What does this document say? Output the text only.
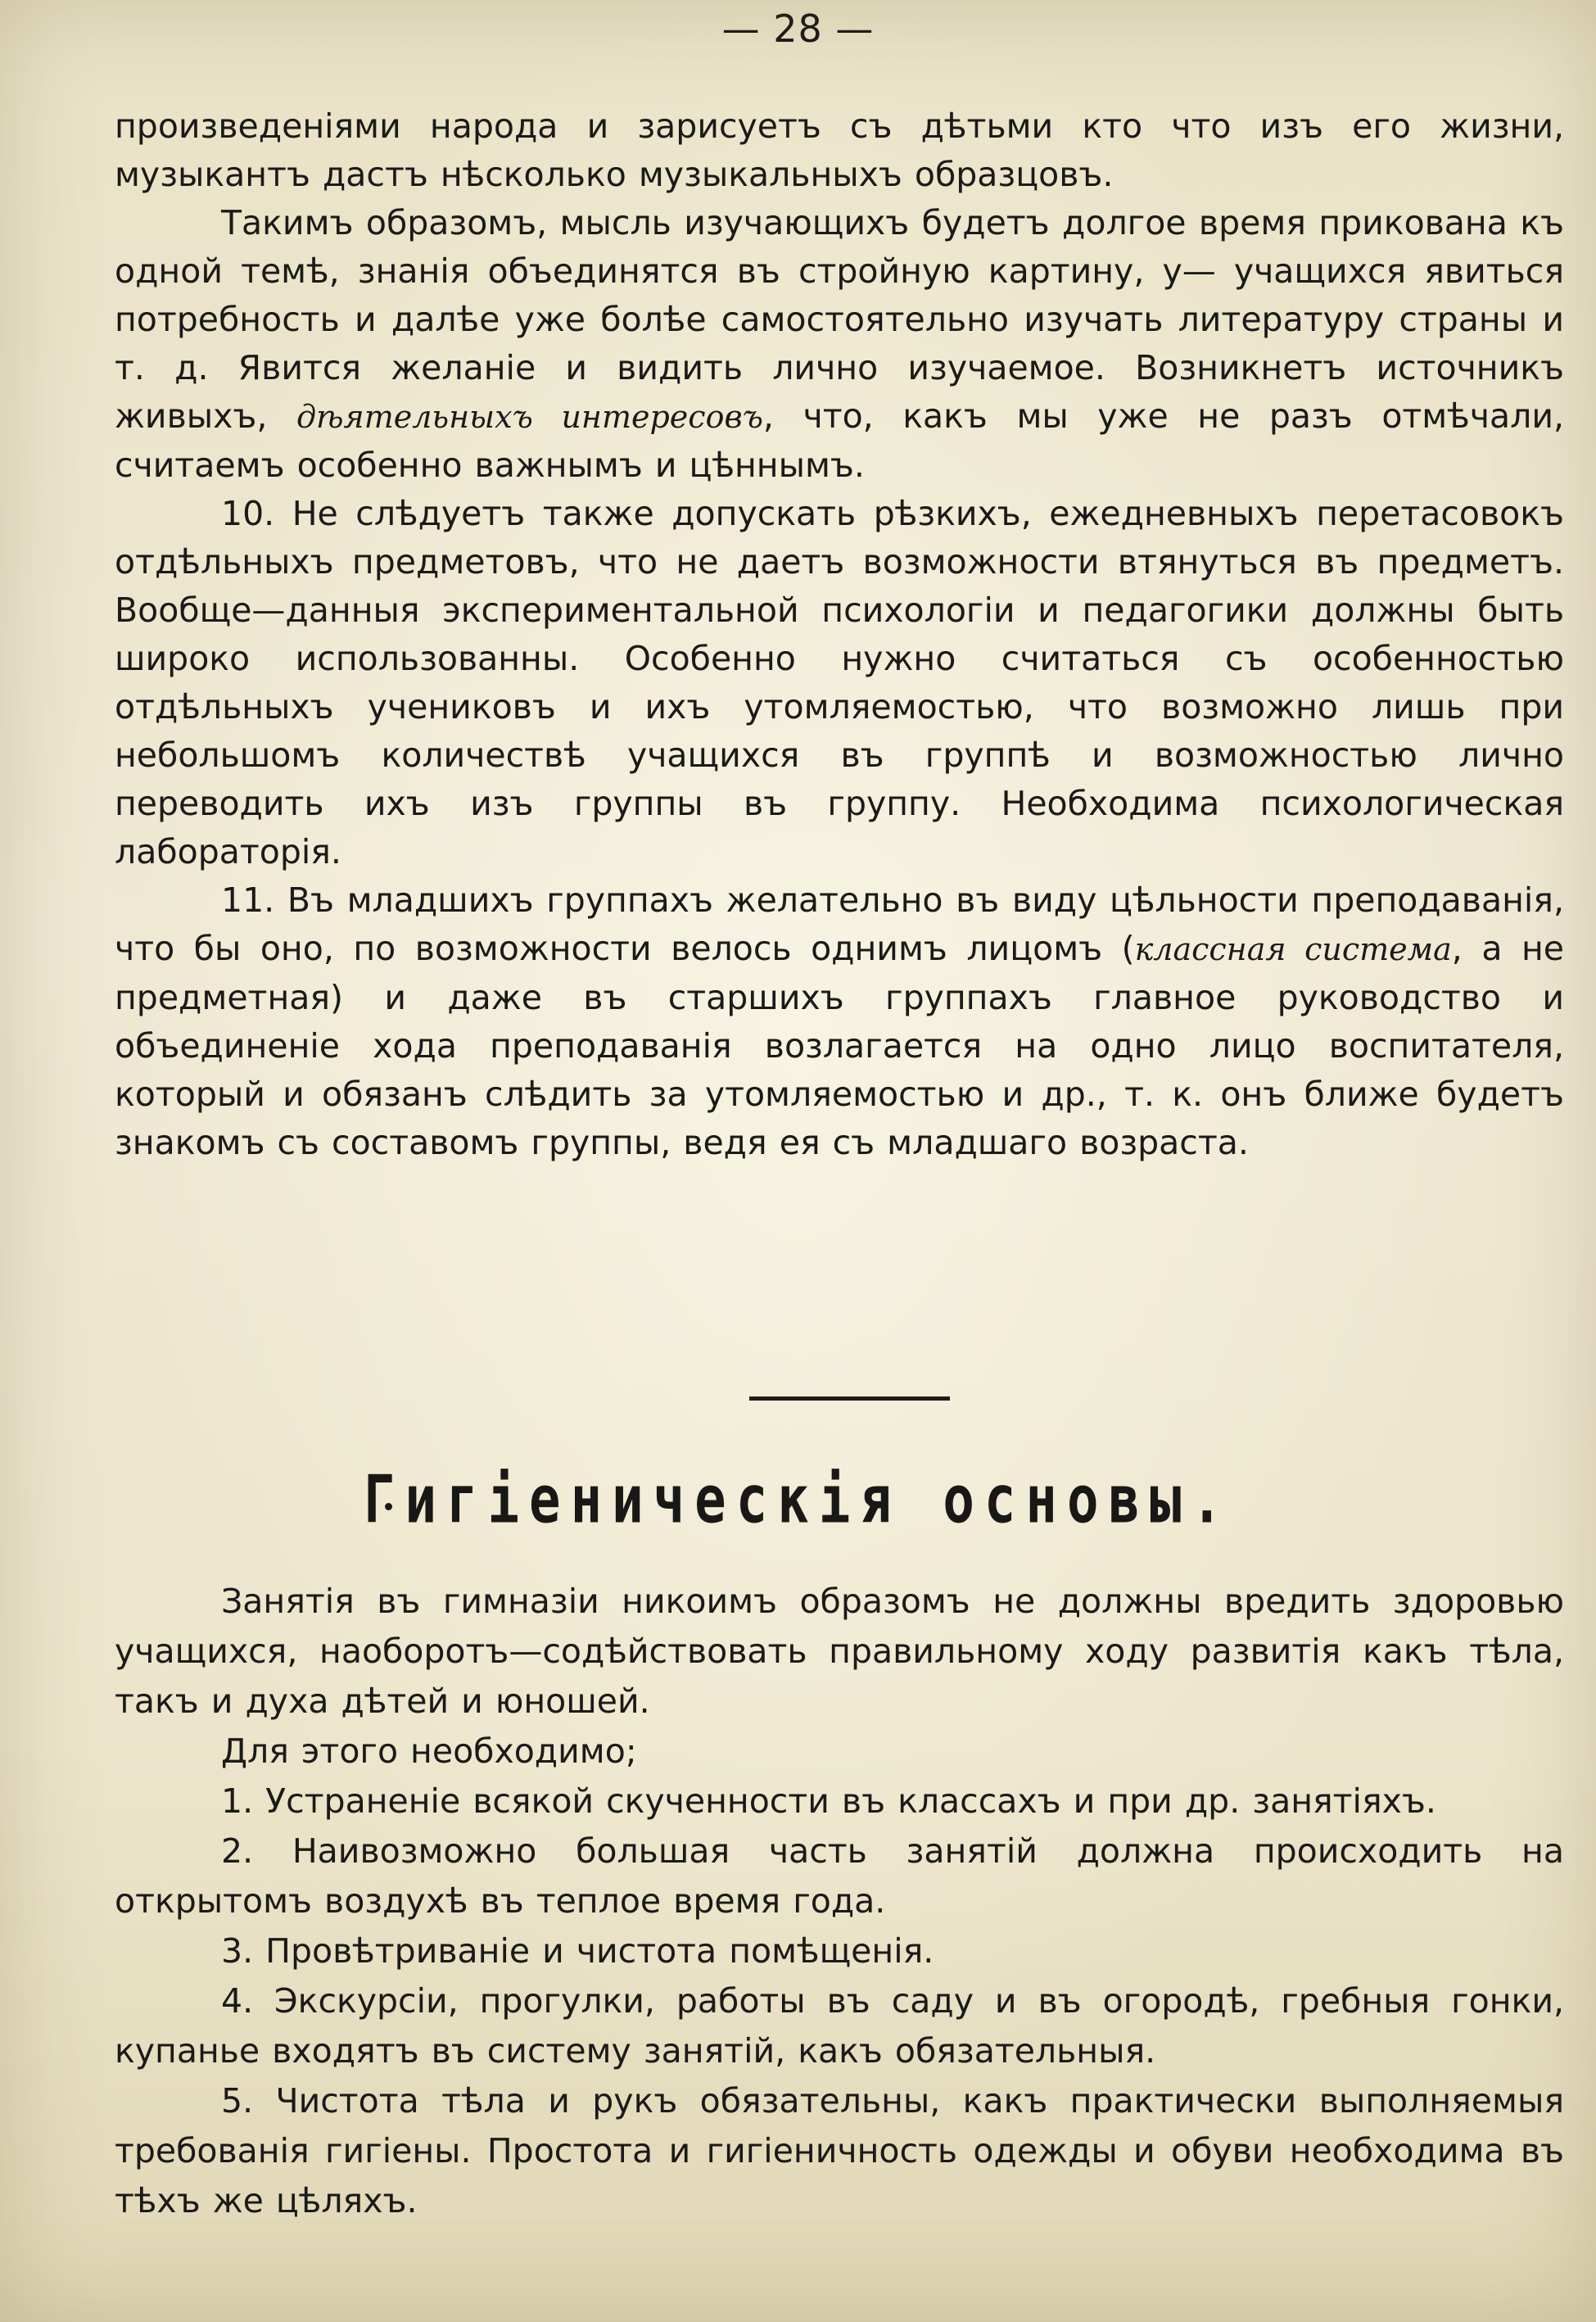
— 28 —

произведеніями народа и зарисуетъ съ дѣтьми кто что изъ его жизни, музыкантъ дастъ нѣсколько музыкальныхъ образцовъ.

Такимъ образомъ, мысль изучающихъ будетъ долгое время прикована къ одной темѣ, знанія объединятся въ стройную картину, у— учащихся явиться потребность и далѣе уже болѣе самостоятельно изучать литературу страны и т. д. Явится желаніе и видить лично изучаемое. Возникнетъ источникъ живыхъ, дѣятельныхъ интересовъ, что, какъ мы уже не разъ отмѣчали, считаемъ особенно важнымъ и цѣннымъ.

10. Не слѣдуетъ также допускать рѣзкихъ, ежедневныхъ перетасовокъ отдѣльныхъ предметовъ, что не даетъ возможности втянуться въ предметъ. Вообще—данныя экспериментальной психологіи и педагогики должны быть широко использованны. Особенно нужно считаться съ особенностью отдѣльныхъ учениковъ и ихъ утомляемостью, что возможно лишь при небольшомъ количествѣ учащихся въ группѣ и возможностью лично переводить ихъ изъ группы въ группу. Необходима психологическая лабораторія.

11. Въ младшихъ группахъ желательно въ виду цѣльности преподаванія, что бы оно, по возможности велось однимъ лицомъ (классная система, а не предметная) и даже въ старшихъ группахъ главное руководство и объединеніе хода преподаванія возлагается на одно лицо воспитателя, который и обязанъ слѣдить за утомляемостью и др., т. к. онъ ближе будетъ знакомъ съ составомъ группы, ведя ея съ младшаго возраста.

Гигіеническія основы.

Занятія въ гимназіи никоимъ образомъ не должны вредить здоровью учащихся, наоборотъ—содѣйствовать правильному ходу развитія какъ тѣла, такъ и духа дѣтей и юношей.

Для этого необходимо;

1. Устраненіе всякой скученности въ классахъ и при др. занятіяхъ.

2. Наивозможно большая часть занятій должна происходить на открытомъ воздухѣ въ теплое время года.

3. Провѣтриваніе и чистота помѣщенія.

4. Экскурсіи, прогулки, работы въ саду и въ огородѣ, гребныя гонки, купанье входятъ въ систему занятій, какъ обязательныя.

5. Чистота тѣла и рукъ обязательны, какъ практически выполняемыя требованія гигіены. Простота и гигіеничность одежды и обуви необходима въ тѣхъ же цѣляхъ.
